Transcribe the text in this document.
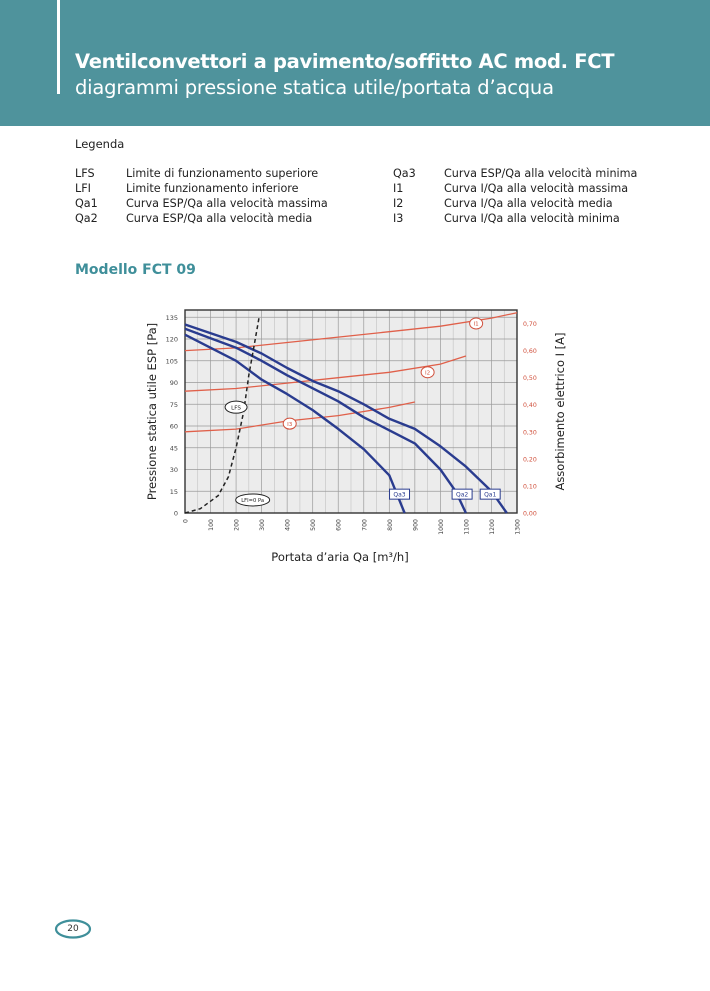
Ventilconvettori a pavimento/soffitto AC mod. FCT
diagrammi pressione statica utile/portata d’acqua
Legenda
LFS	Limite di funzionamento superiore
LFI	Limite funzionamento inferiore
Qa1	Curva ESP/Qa alla velocità massima
Qa2	Curva ESP/Qa alla velocità media
Qa3	Curva ESP/Qa alla velocità minima
I1	Curva I/Qa alla velocità massima
I2	Curva I/Qa alla velocità media
I3	Curva I/Qa alla velocità minima
Modello FCT 09
0
15
30
45
60
75
90
105
120
135
0,00
0,10
0,20
0,30
0,40
0,50
0,60
0,70
0	100	200	300	400	500	600	700	800	900	1000	1100	1200	1300
Portata d’aria Qa [m³/h]
Pressione statica utile ESP [Pa]	Assorbimento elettrico I [A]
Qa3	Qa2	Qa1
I1
I2
I3
LFS
LFI=0 Pa
20
